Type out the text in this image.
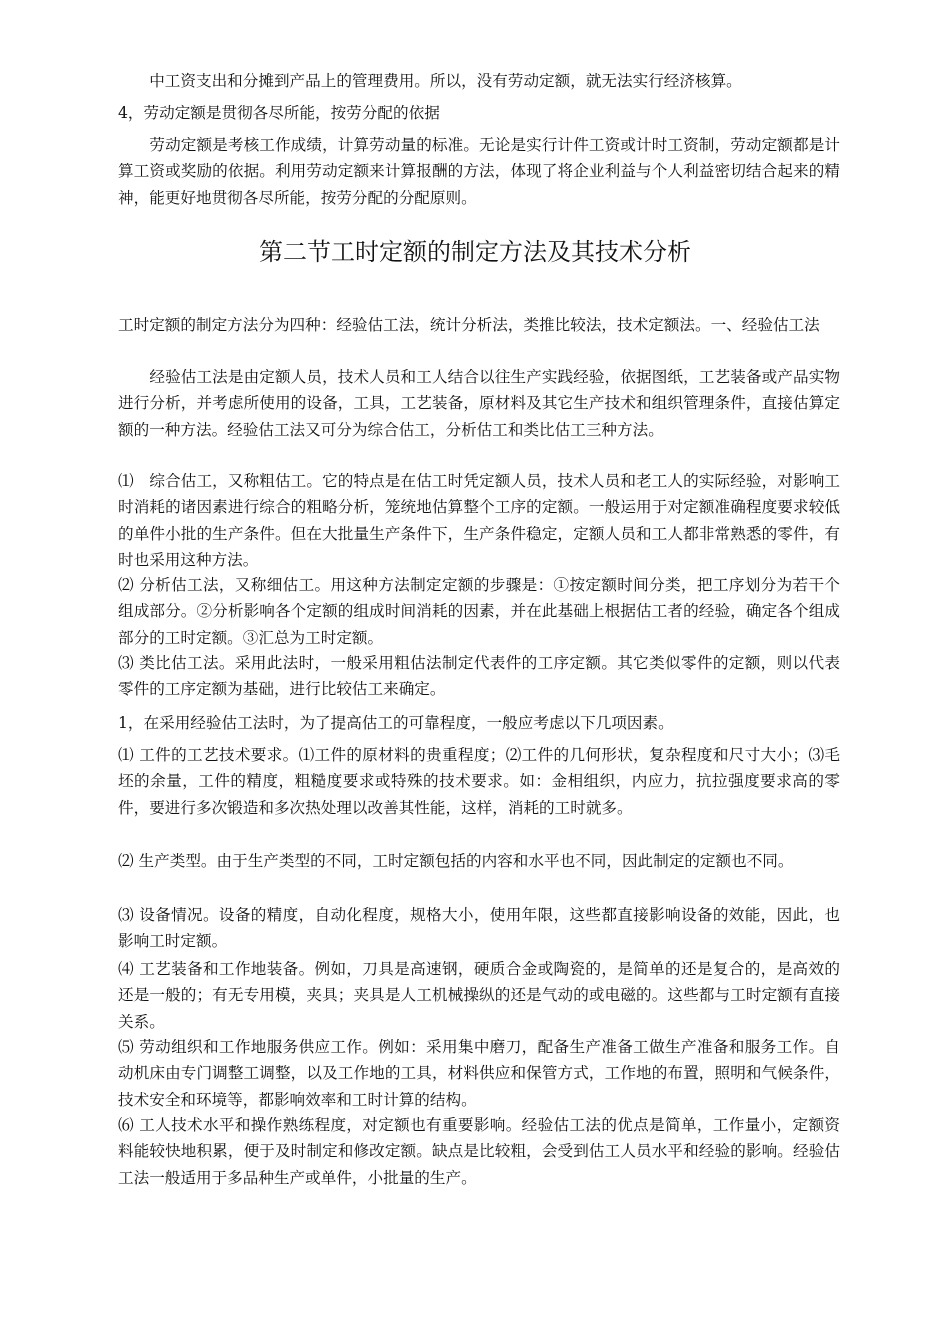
　　中工资支出和分摊到产品上的管理费用。所以，没有劳动定额，就无法实行经济核算。

4，劳动定额是贯彻各尽所能，按劳分配的依据

　　劳动定额是考核工作成绩，计算劳动量的标准。无论是实行计件工资或计时工资制，劳动定额都是计算工资或奖励的依据。利用劳动定额来计算报酬的方法，体现了将企业利益与个人利益密切结合起来的精神，能更好地贯彻各尽所能，按劳分配的分配原则。

第二节工时定额的制定方法及其技术分析

工时定额的制定方法分为四种：经验估工法，统计分析法，类推比较法，技术定额法。一、经验估工法

　　经验估工法是由定额人员，技术人员和工人结合以往生产实践经验，依据图纸，工艺装备或产品实物进行分析，并考虑所使用的设备，工具，工艺装备，原材料及其它生产技术和组织管理条件，直接估算定额的一种方法。经验估工法又可分为综合估工，分析估工和类比估工三种方法。

⑴　综合估工，又称粗估工。它的特点是在估工时凭定额人员，技术人员和老工人的实际经验，对影响工时消耗的诸因素进行综合的粗略分析，笼统地估算整个工序的定额。一般运用于对定额准确程度要求较低的单件小批的生产条件。但在大批量生产条件下，生产条件稳定，定额人员和工人都非常熟悉的零件，有时也采用这种方法。

⑵ 分析估工法，又称细估工。用这种方法制定定额的步骤是：①按定额时间分类，把工序划分为若干个组成部分。②分析影响各个定额的组成时间消耗的因素，并在此基础上根据估工者的经验，确定各个组成部分的工时定额。③汇总为工时定额。

⑶ 类比估工法。采用此法时，一般采用粗估法制定代表件的工序定额。其它类似零件的定额，则以代表零件的工序定额为基础，进行比较估工来确定。

1，在采用经验估工法时，为了提高估工的可靠程度，一般应考虑以下几项因素。

⑴ 工件的工艺技术要求。⑴工件的原材料的贵重程度；⑵工件的几何形状，复杂程度和尺寸大小；⑶毛坯的余量，工件的精度，粗糙度要求或特殊的技术要求。如：金相组织，内应力，抗拉强度要求高的零件，要进行多次锻造和多次热处理以改善其性能，这样，消耗的工时就多。

⑵ 生产类型。由于生产类型的不同，工时定额包括的内容和水平也不同，因此制定的定额也不同。

⑶ 设备情况。设备的精度，自动化程度，规格大小，使用年限，这些都直接影响设备的效能，因此，也影响工时定额。

⑷ 工艺装备和工作地装备。例如，刀具是高速钢，硬质合金或陶瓷的，是简单的还是复合的，是高效的还是一般的；有无专用模，夹具；夹具是人工机械操纵的还是气动的或电磁的。这些都与工时定额有直接关系。

⑸ 劳动组织和工作地服务供应工作。例如：采用集中磨刀，配备生产准备工做生产准备和服务工作。自动机床由专门调整工调整，以及工作地的工具，材料供应和保管方式，工作地的布置，照明和气候条件，技术安全和环境等，都影响效率和工时计算的结构。

⑹ 工人技术水平和操作熟练程度，对定额也有重要影响。经验估工法的优点是简单，工作量小，定额资料能较快地积累，便于及时制定和修改定额。缺点是比较粗，会受到估工人员水平和经验的影响。经验估工法一般适用于多品种生产或单件，小批量的生产。
